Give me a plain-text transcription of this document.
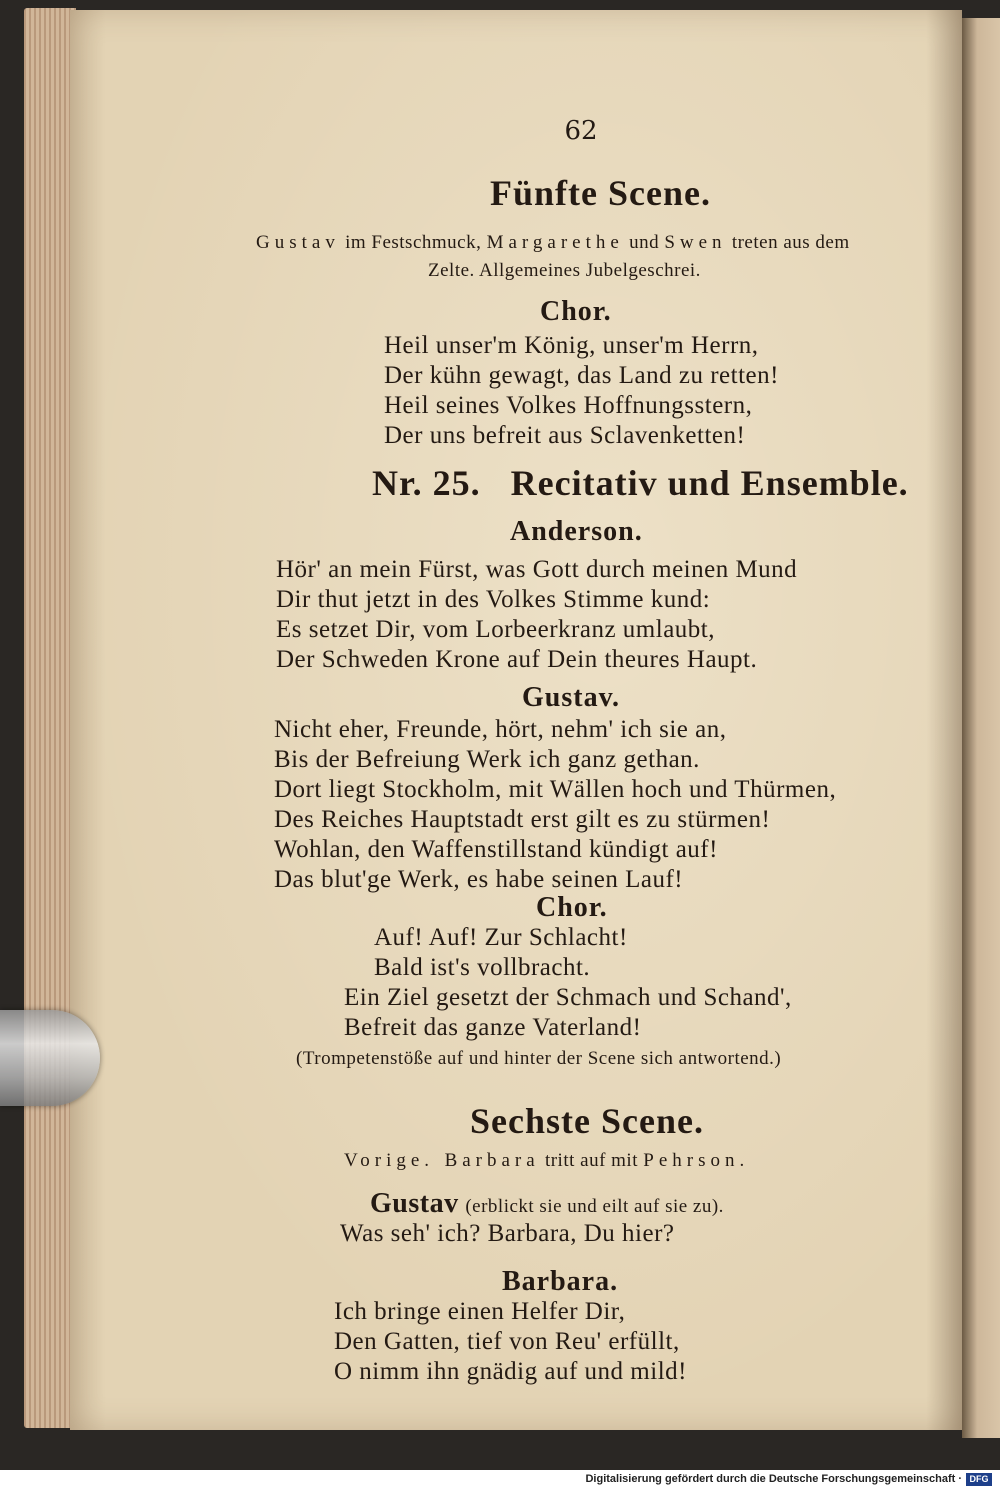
62
Fünfte Scene.
Gustav im Festschmuck, Margarethe und Swen treten aus dem
Zelte. Allgemeines Jubelgeschrei.
Chor.
Heil unser'm König, unser'm Herrn,
Der kühn gewagt, das Land zu retten!
Heil seines Volkes Hoffnungsstern,
Der uns befreit aus Sclavenketten!
Nr. 25.   Recitativ und Ensemble.
Anderson.
Hör' an mein Fürst, was Gott durch meinen Mund
Dir thut jetzt in des Volkes Stimme kund:
Es setzet Dir, vom Lorbeerkranz umlaubt,
Der Schweden Krone auf Dein theures Haupt.
Gustav.
Nicht eher, Freunde, hört, nehm' ich sie an,
Bis der Befreiung Werk ich ganz gethan.
Dort liegt Stockholm, mit Wällen hoch und Thürmen,
Des Reiches Hauptstadt erst gilt es zu stürmen!
Wohlan, den Waffenstillstand kündigt auf!
Das blut'ge Werk, es habe seinen Lauf!
Chor.
Auf! Auf! Zur Schlacht!
Bald ist's vollbracht.
Ein Ziel gesetzt der Schmach und Schand',
Befreit das ganze Vaterland!
(Trompetenstöße auf und hinter der Scene sich antwortend.)
Sechste Scene.
Vorige. Barbara tritt auf mit Pehrson.
Gustav (erblickt sie und eilt auf sie zu).
Was seh' ich? Barbara, Du hier?
Barbara.
Ich bringe einen Helfer Dir,
Den Gatten, tief von Reu' erfüllt,
O nimm ihn gnädig auf und mild!
Digitalisierung gefördert durch die Deutsche Forschungsgemeinschaft · DFG
